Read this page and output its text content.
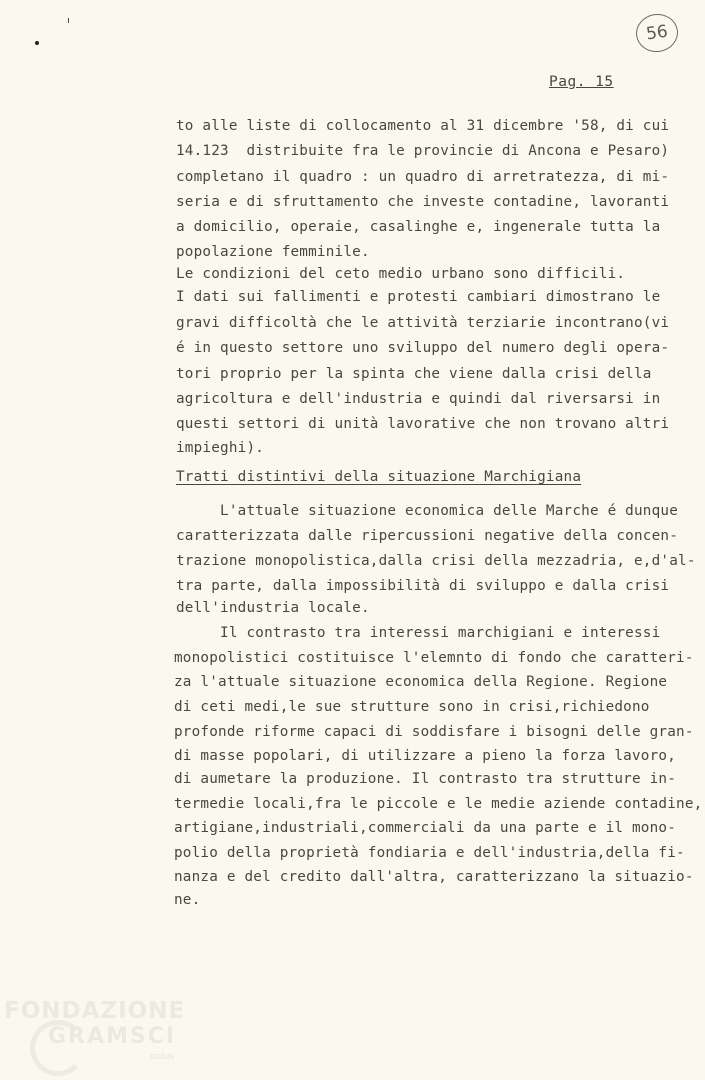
56
Pag. 15
to alle liste di collocamento al 31 dicembre '58, di cui
14.123  distribuite fra le provincie di Ancona e Pesaro)
completano il quadro : un quadro di arretratezza, di mi-
seria e di sfruttamento che investe contadine, lavoranti
a domicilio, operaie, casalinghe e, ingenerale tutta la
popolazione femminile.
Le condizioni del ceto medio urbano sono difficili.
I dati sui fallimenti e protesti cambiari dimostrano le
gravi difficoltà che le attività terziarie incontrano(vi
é in questo settore uno sviluppo del numero degli opera-
tori proprio per la spinta che viene dalla crisi della
agricoltura e dell'industria e quindi dal riversarsi in
questi settori di unità lavorative che non trovano altri
impieghi).
Tratti distintivi della situazione Marchigiana
L'attuale situazione economica delle Marche é dunque
caratterizzata dalle ripercussioni negative della concen-
trazione monopolistica,dalla crisi della mezzadria, e,d'al-
tra parte, dalla impossibilità di sviluppo e dalla crisi
dell'industria locale.
Il contrasto tra interessi marchigiani e interessi
monopolistici costituisce l'elemnto di fondo che caratteri-
za l'attuale situazione economica della Regione. Regione
di ceti medi,le sue strutture sono in crisi,richiedono
profonde riforme capaci di soddisfare i bisogni delle gran-
di masse popolari, di utilizzare a pieno la forza lavoro,
di aumetare la produzione. Il contrasto tra strutture in-
termedie locali,fra le piccole e le medie aziende contadine,
artigiane,industriali,commerciali da una parte e il mono-
polio della proprietà fondiaria e dell'industria,della fi-
nanza e del credito dall'altra, caratterizzano la situazio-
ne.
FONDAZIONE
GRAMSCI
onlus
